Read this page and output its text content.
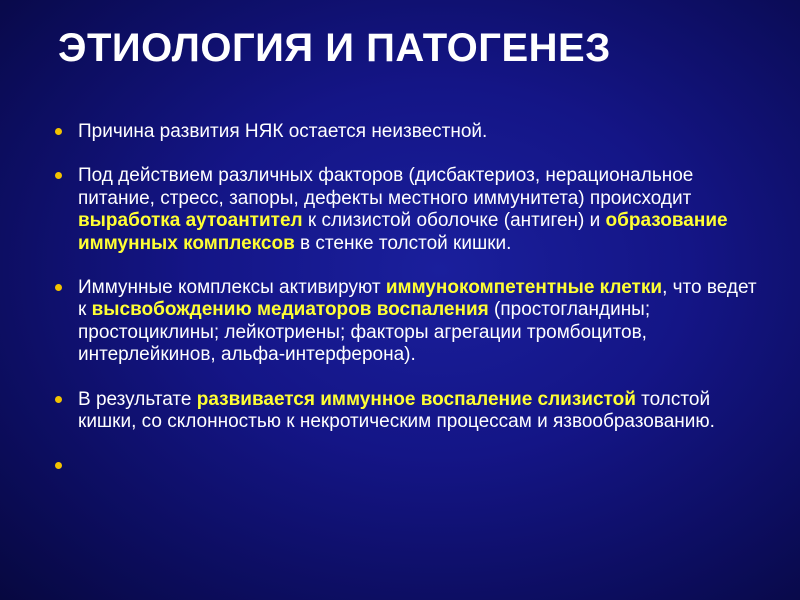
ЭТИОЛОГИЯ И ПАТОГЕНЕЗ
Причина развития НЯК остается неизвестной.
Под действием различных факторов (дисбактериоз, нерациональное питание, стресс, запоры, дефекты местного иммунитета) происходит выработка аутоантител к слизистой оболочке (антиген) и образование иммунных комплексов в стенке толстой кишки.
Иммунные комплексы активируют иммунокомпетентные клетки, что ведет к высвобождению медиаторов воспаления (простогландины; простоциклины; лейкотриены; факторы агрегации тромбоцитов, интерлейкинов, альфа-интерферона).
В результате развивается иммунное воспаление слизистой толстой кишки, со склонностью к некротическим процессам и язвообразованию.
